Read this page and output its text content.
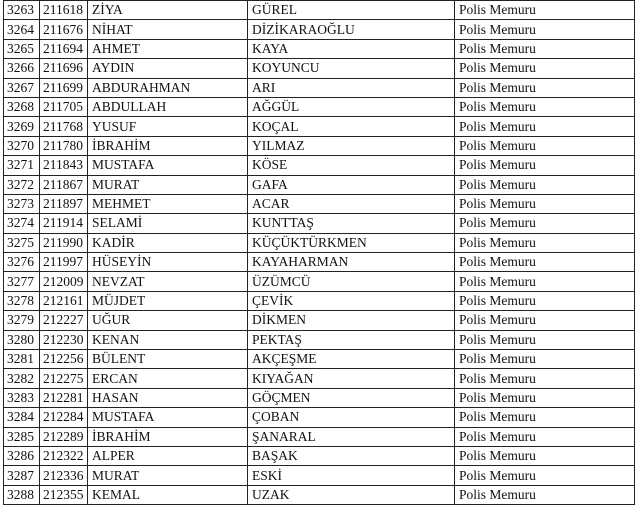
3263	211618	ZİYA	GÜREL	Polis Memuru
3264	211676	NİHAT	DİZİKARAOĞLU	Polis Memuru
3265	211694	AHMET	KAYA	Polis Memuru
3266	211696	AYDIN	KOYUNCU	Polis Memuru
3267	211699	ABDURAHMAN	ARI	Polis Memuru
3268	211705	ABDULLAH	AĞGÜL	Polis Memuru
3269	211768	YUSUF	KOÇAL	Polis Memuru
3270	211780	İBRAHİM	YILMAZ	Polis Memuru
3271	211843	MUSTAFA	KÖSE	Polis Memuru
3272	211867	MURAT	GAFA	Polis Memuru
3273	211897	MEHMET	ACAR	Polis Memuru
3274	211914	SELAMİ	KUNTTAŞ	Polis Memuru
3275	211990	KADİR	KÜÇÜKTÜRKMEN	Polis Memuru
3276	211997	HÜSEYİN	KAYAHARMAN	Polis Memuru
3277	212009	NEVZAT	ÜZÜMCÜ	Polis Memuru
3278	212161	MÜJDET	ÇEVİK	Polis Memuru
3279	212227	UĞUR	DİKMEN	Polis Memuru
3280	212230	KENAN	PEKTAŞ	Polis Memuru
3281	212256	BÜLENT	AKÇEŞME	Polis Memuru
3282	212275	ERCAN	KIYAĞAN	Polis Memuru
3283	212281	HASAN	GÖÇMEN	Polis Memuru
3284	212284	MUSTAFA	ÇOBAN	Polis Memuru
3285	212289	İBRAHİM	ŞANARAL	Polis Memuru
3286	212322	ALPER	BAŞAK	Polis Memuru
3287	212336	MURAT	ESKİ	Polis Memuru
3288	212355	KEMAL	UZAK	Polis Memuru
